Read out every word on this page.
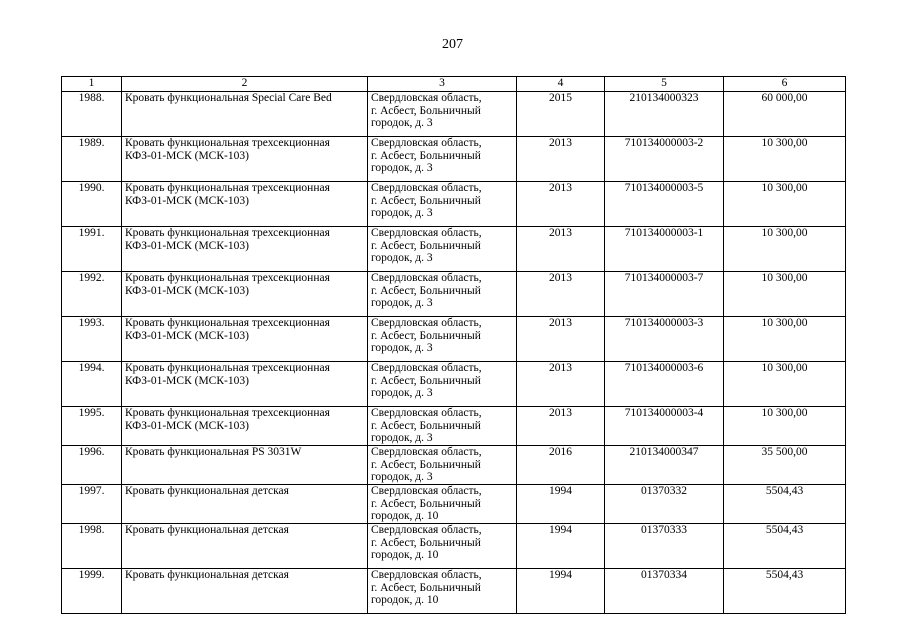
207
1	2	3	4	5	6
1988.	Кровать функциональная Special Care Bed	Свердловская область,
г. Асбест, Больничный
городок, д. 3	2015	210134000323	60 000,00
1989.	Кровать функциональная трехсекционная КФЗ-01-МСК (МСК-103)	Свердловская область,
г. Асбест, Больничный
городок, д. 3	2013	710134000003-2	10 300,00
1990.	Кровать функциональная трехсекционная КФЗ-01-МСК (МСК-103)	Свердловская область,
г. Асбест, Больничный
городок, д. 3	2013	710134000003-5	10 300,00
1991.	Кровать функциональная трехсекционная КФЗ-01-МСК (МСК-103)	Свердловская область,
г. Асбест, Больничный
городок, д. 3	2013	710134000003-1	10 300,00
1992.	Кровать функциональная трехсекционная КФЗ-01-МСК (МСК-103)	Свердловская область,
г. Асбест, Больничный
городок, д. 3	2013	710134000003-7	10 300,00
1993.	Кровать функциональная трехсекционная КФЗ-01-МСК (МСК-103)	Свердловская область,
г. Асбест, Больничный
городок, д. 3	2013	710134000003-3	10 300,00
1994.	Кровать функциональная трехсекционная КФЗ-01-МСК (МСК-103)	Свердловская область,
г. Асбест, Больничный
городок, д. 3	2013	710134000003-6	10 300,00
1995.	Кровать функциональная трехсекционная КФЗ-01-МСК (МСК-103)	Свердловская область,
г. Асбест, Больничный
городок, д. 3	2013	710134000003-4	10 300,00
1996.	Кровать функциональная PS 3031W	Свердловская область,
г. Асбест, Больничный
городок, д. 3	2016	210134000347	35 500,00
1997.	Кровать функциональная детская	Свердловская область,
г. Асбест, Больничный
городок, д. 10	1994	01370332	5504,43
1998.	Кровать функциональная детская	Свердловская область,
г. Асбест, Больничный
городок, д. 10	1994	01370333	5504,43
1999.	Кровать функциональная детская	Свердловская область,
г. Асбест, Больничный
городок, д. 10	1994	01370334	5504,43
